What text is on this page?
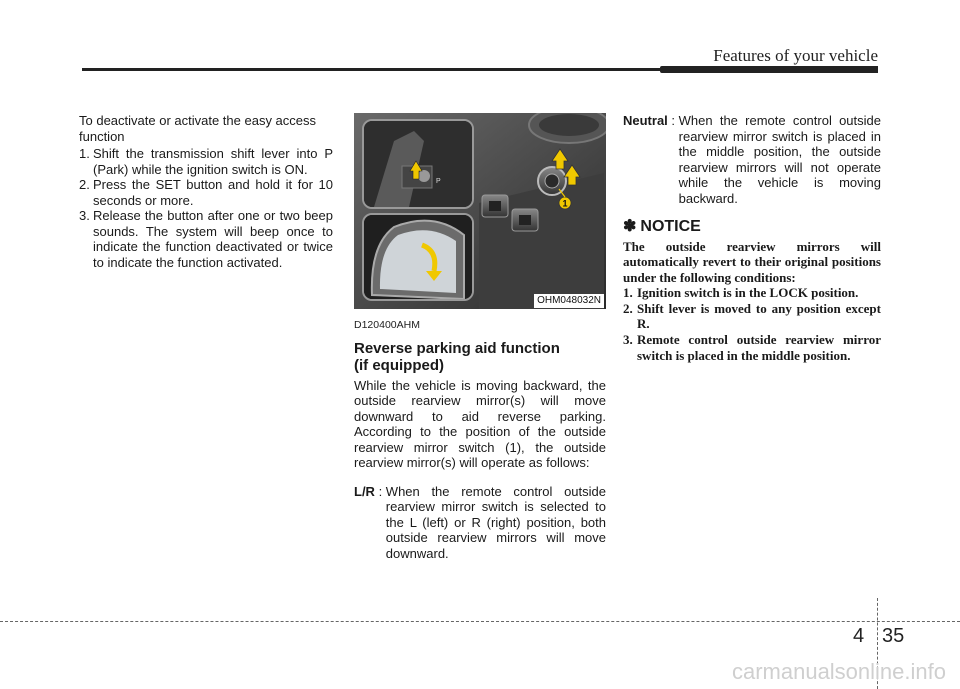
Features of your vehicle

To deactivate or activate the easy access function

1. Shift the transmission shift lever into P (Park) while the ignition switch is ON.
2. Press the SET button and hold it for 10 seconds or more.
3. Release the button after one or two beep sounds. The system will beep once to indicate the function deactivated or twice to indicate the function activated.
1
P
OHM048032N
D120400AHM
Reverse parking aid function
(if equipped)

While the vehicle is moving backward, the outside rearview mirror(s) will move downward to aid reverse parking. According to the position of the outside rearview mirror switch (1), the outside rearview mirror(s) will operate as follows:

L/R : When the remote control outside rearview mirror switch is selected to the L (left) or R (right) position, both outside rearview mirrors will move downward.
Neutral : When the remote control outside rearview mirror switch is placed in the middle position, the outside rearview mirrors will not operate while the vehicle is moving backward.
✽ NOTICE

The outside rearview mirrors will automatically revert to their original positions under the following conditions:

1. Ignition switch is in the LOCK position.
2. Shift lever is moved to any position except R.
3. Remote control outside rearview mirror switch is placed in the middle position.
4 35
carmanualsonline.info
